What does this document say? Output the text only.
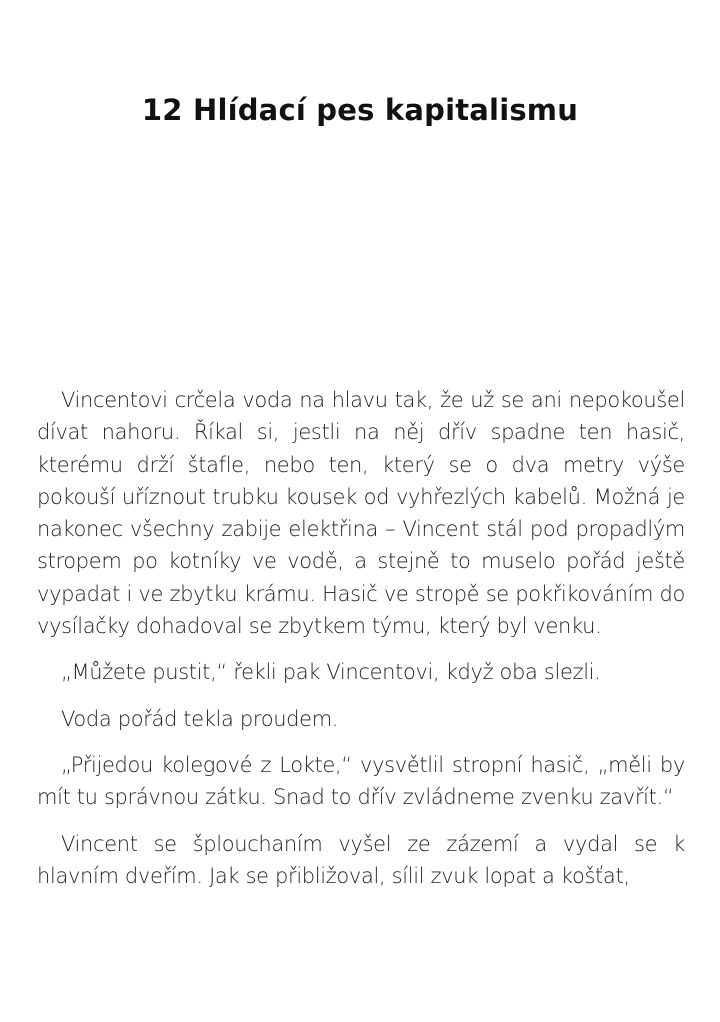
12 Hlídací pes kapitalismu

Vincentovi crčela voda na hlavu tak, že už se ani nepokoušel dívat nahoru. Říkal si, jestli na něj dřív spadne ten hasič, kterému drží štafle, nebo ten, který se o dva metry výše pokouší uříznout trubku kousek od vyhřezlých kabelů. Možná je nakonec všechny zabije elektřina – Vincent stál pod propadlým stropem po kotníky ve vodě, a stejně to muselo pořád ještě vypadat i ve zbytku krámu. Hasič ve stropě se pokřikováním do vysílačky dohadoval se zbytkem týmu, který byl venku.

„Můžete pustit,“ řekli pak Vincentovi, když oba slezli.

Voda pořád tekla proudem.

„Přijedou kolegové z Lokte,“ vysvětlil stropní hasič, „měli by mít tu správnou zátku. Snad to dřív zvládneme zvenku zavřít.“

Vincent se šplouchaním vyšel ze zázemí a vydal se k hlavním dveřím. Jak se přibližoval, sílil zvuk lopat a košťat,
